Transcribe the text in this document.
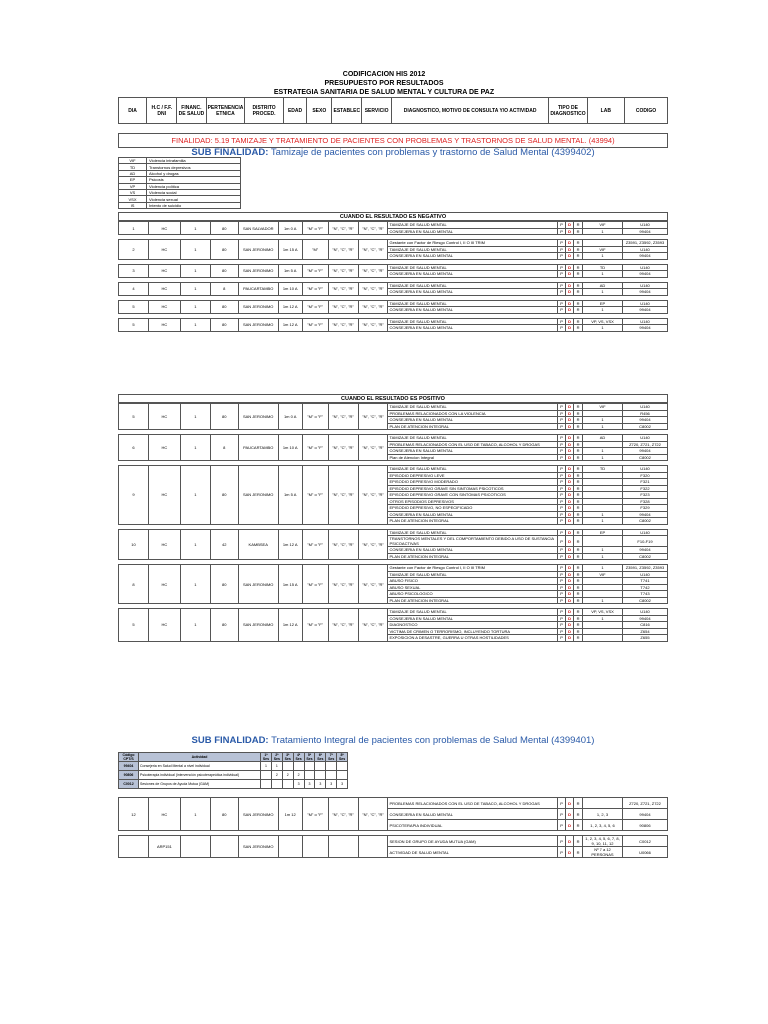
CODIFICACION HIS 2012
PRESUPUESTO POR RESULTADOS
ESTRATEGIA SANITARIA DE SALUD MENTAL Y CULTURA DE PAZ
DIA	H.C / F.F.
DNI
	FINANC. DE SALUD	PERTENENCIA ETNICA	DISTRITO PROCED.	EDAD	SEXO	ESTABLEC	SERVICIO	DIAGNOSTICO, MOTIVO DE CONSULTA Y/O ACTIVIDAD	TIPO DE DIAGNOSTICO	LAB	CODIGO
FINALIDAD: 5.19 TAMIZAJE Y TRATAMIENTO DE PACIENTES CON PROBLEMAS Y TRASTORNOS DE SALUD MENTAL. (43994)
SUB FINALIDAD: Tamizaje de pacientes con problemas y trastorno de Salud Mental (4399402)
VIF	Violencia intrafamilia
TD	Transtornos depresivos
AD	Alcohol y drogas
EP	Psicosis
VP	Violencia política
VS	Violencia social
VSX	Violencia sexual
IS	Intento de suicidio
CUANDO EL RESULTADO ES NEGATIVO

1	HC	1	80	SAN SALVADOR	1m 0 A	"M" o "F"	"N", "C", "R"	"N", "C", "R"	TAMIZAJE DE SALUD MENTAL	P	D	R	VIF	U140
									CONSEJERIA EN SALUD MENTAL	P	D	R	1	99404

2	HC	1	80	SAN JERONIMO	1m 15 A	"M"	"N", "C", "R"	"N", "C", "R"	Gestante con Factor de Riesgo Control I, II O III TRIM	P	D	R		Z3591, Z3592, Z3593
									TAMIZAJE DE SALUD MENTAL	P	D	R	VIF	U140
									CONSEJERIA EN SALUD MENTAL	P	D	R	1	99404

3	HC	1	80	SAN JERONIMO	1m 5 A	"M" o "F"	"N", "C", "R"	"N", "C", "R"	TAMIZAJE DE SALUD MENTAL	P	D	R	TD	U140
									CONSEJERIA EN SALUD MENTAL	P	D	R	1	99404

4	HC	1	8	PAUCARTAMBO	1m 10 A	"M" o "F"	"N", "C", "R"	"N", "C", "R"	TAMIZAJE DE SALUD MENTAL	P	D	R	AD	U140
									CONSEJERIA EN SALUD MENTAL	P	D	R	1	99404

5	HC	1	80	SAN JERONIMO	1m 12 A	"M" o "F"	"N", "C", "R"	"N", "C", "R"	TAMIZAJE DE SALUD MENTAL	P	D	R	EP	U140
									CONSEJERIA EN SALUD MENTAL	P	D	R	1	99404

5	HC	1	80	SAN JERONIMO	1m 12 A	"M" o "F"	"N", "C", "R"	"N", "C", "R"	TAMIZAJE DE SALUD MENTAL	P	D	R	VP, VS, VSX	U140
									CONSEJERIA EN SALUD MENTAL	P	D	R	1	99404
CUANDO EL RESULTADO ES POSITIVO

5	HC	1	80	SAN JERONIMO	1m 0 A	"M" o "F"	"N", "C", "R"	"N", "C", "R"	TAMIZAJE DE SALUD MENTAL	P	D	R	VIF	U140
									PROBLEMAS RELACIONADOS CON LA VIOLENCIA	P	D	R		R456
									CONSEJERIA EN SALUD MENTAL	P	D	R	1	99404
									PLAN DE ATENCION INTEGRAL	P	D	R	1	C8002

6	HC	1	8	PAUCARTAMBO	1m 10 A	"M" o "F"	"N", "C", "R"	"N", "C", "R"	TAMIZAJE DE SALUD MENTAL	P	D	R	AD	U140
									PROBLEMAS RELACIONADOS CON EL USO DE TABACO, ALCOHOL Y DROGAS	P	D	R		Z720, Z721, Z722
									CONSEJERIA EN SALUD MENTAL	P	D	R	1	99404
									Plan de Atencion Integral	P	D	R	1	C8002

9	HC	1	80	SAN JERONIMO	1m 5 A	"M" o "F"	"N", "C", "R"	"N", "C", "R"	TAMIZAJE DE SALUD MENTAL	P	D	R	TD	U140
									EPISODIO DEPRESIVO LEVE	P	D	R		F320
									EPISODIO DEPRESIVO MODERADO	P	D	R		F321
									EPISODIO DEPRESIVO GRAVE SIN SINTOMAS PSICOTICOS	P	D	R		F322
									EPISODIO DEPRESIVO GRAVE CON SINTOMAS PSICOTICOS	P	D	R		F323
									OTROS EPISODIOS DEPRESIVOS	P	D	R		F328
									EPISODIO DEPRESIVO, NO ESPECIFICADO	P	D	R		F329
									CONSEJERIA EN SALUD MENTAL	P	D	R	1	99404
									PLAN DE ATENCION INTEGRAL	P	D	R	1	C8002

10	HC	1	42	KAMBSEA	1m 12 A	"M" o "F"	"N", "C", "R"	"N", "C", "R"	TAMIZAJE DE SALUD MENTAL	P	D	R	EP	U140
									TRANSTORNOS MENTALES Y DEL COMPORTAMIENTO DEBIDO A USO DE SUSTANCIA PSICOACTIVAS	P	D	R		F10-F19
									CONSEJERIA EN SALUD MENTAL	P	D	R	1	99404
									PLAN DE ATENCION INTEGRAL	P	D	R	1	C8002

8	HC	1	80	SAN JERONIMO	1m 15 A	"M" o "F"	"N", "C", "R"	"N", "C", "R"	Gestante con Factor de Riesgo Control I, II O III TRIM	P	D	R	1	Z3591, Z3592, Z3593
									TAMIZAJE DE SALUD MENTAL	P	D	R	VIF	U140
									ABUSO FISICO	P	D	R		T741
									ABUSO SEXUAL	P	D	R		T742
									ABUSO PSICOLOGICO	P	D	R		T743
									PLAN DE ATENCION INTEGRAL	P	D	R	1	C8002

5	HC	1	80	SAN JERONIMO	1m 12 A	"M" o "F"	"N", "C", "R"	"N", "C", "R"	TAMIZAJE DE SALUD MENTAL	P	D	R	VP, VS, VSX	U140
									CONSEJERIA EN SALUD MENTAL	P	D	R	1	99404
									DIAGNOSTICO	P	D	R		C816
									VICTIMA DE CRIMEN O TERRORISMO, INCLUYENDO TORTURA	P	D	R		Z654
									EXPOSICION A DESASTRE, GUERRA U OTRAS HOSTILIDADES	P	D	R		Z655
SUB FINALIDAD: Tratamiento Integral de pacientes con problemas de Salud Mental (4399401)
Código CPT/S	Actividad	1ª Ses	2ª Ses	3ª Ses	4ª Ses	5ª Ses	6ª Ses	7ª Ses	8ª Ses
99404	Consejeria en Salud Mental a nivel individual	1	1						
90806	Psicoterapia individual (intervención psicoterapeútica individual)		2	2	2				
C0012	Sesiones de Grupos de Ayuda Mutua (GAM)				3	3	3	3	3

12	HC	1	80	SAN JERONIMO	1m 12	"M" o "F"	"N", "C", "R"	"N", "C", "R"	PROBLEMAS RELACIONADOS CON EL USO DE TABACO, ALCOHOL Y DROGAS	P	D	R		Z720, Z721, Z722
									CONSEJERIA EN SALUD MENTAL	P	D	R	1, 2, 3	99404
									PSICOTERAPIA INDIVIDUAL	P	D	R	1, 2, 3, 4, 5, 6	90806

	ARP151			SAN JERONIMO					SESION DE GRUPO DE AYUDA MUTUA (GAM)	P	D	R	1, 2, 3, 4, 5, 6, 7, 8, 9, 10, 11, 12	C0012
									ACTIVIDAD DE SALUD MENTAL	P	D	R	Nº 7 a 12 PERSONAS	U0066
